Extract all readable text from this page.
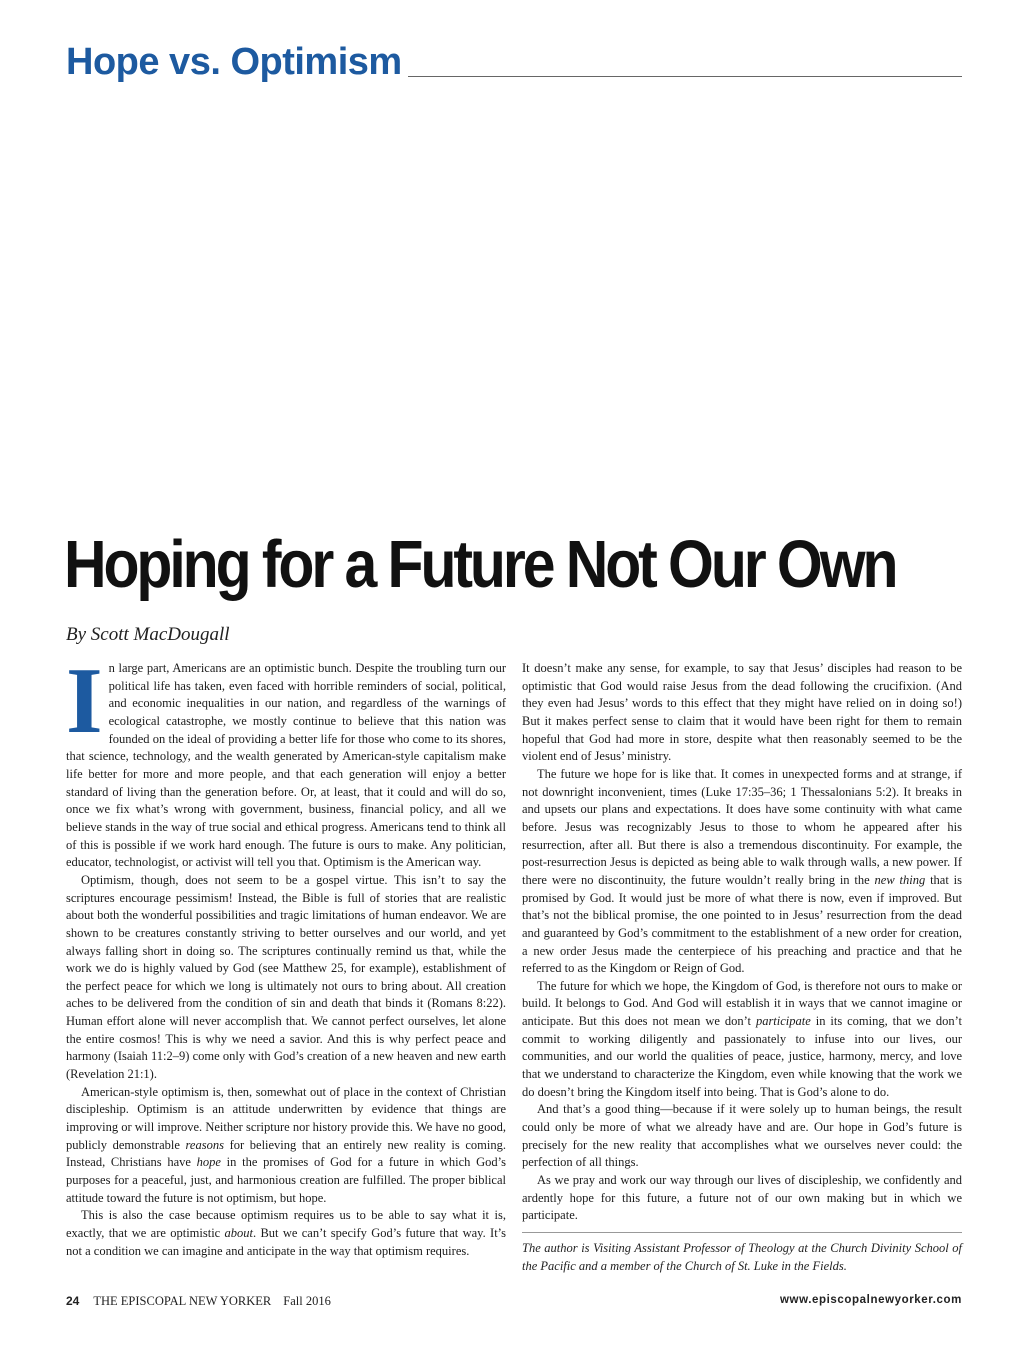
Hope vs. Optimism
Hoping for a Future Not Our Own
By Scott MacDougall

In large part, Americans are an optimistic bunch. Despite the troubling turn our political life has taken, even faced with horrible reminders of social, political, and economic inequalities in our nation, and regardless of the warnings of ecological catastrophe, we mostly continue to believe that this nation was founded on the ideal of providing a better life for those who come to its shores, that science, technology, and the wealth generated by American-style capitalism make life better for more and more people, and that each generation will enjoy a better standard of living than the generation before. Or, at least, that it could and will do so, once we fix what’s wrong with government, business, financial policy, and all we believe stands in the way of true social and ethical progress. Americans tend to think all of this is possible if we work hard enough. The future is ours to make. Any politician, educator, technologist, or activist will tell you that. Optimism is the American way.

Optimism, though, does not seem to be a gospel virtue. This isn’t to say the scriptures encourage pessimism! Instead, the Bible is full of stories that are realistic about both the wonderful possibilities and tragic limitations of human endeavor. We are shown to be creatures constantly striving to better ourselves and our world, and yet always falling short in doing so. The scriptures continually remind us that, while the work we do is highly valued by God (see Matthew 25, for example), establishment of the perfect peace for which we long is ultimately not ours to bring about. All creation aches to be delivered from the condition of sin and death that binds it (Romans 8:22). Human effort alone will never accomplish that. We cannot perfect ourselves, let alone the entire cosmos! This is why we need a savior. And this is why perfect peace and harmony (Isaiah 11:2–9) come only with God’s creation of a new heaven and new earth (Revelation 21:1).

American-style optimism is, then, somewhat out of place in the context of Christian discipleship. Optimism is an attitude underwritten by evidence that things are improving or will improve. Neither scripture nor history provide this. We have no good, publicly demonstrable reasons for believing that an entirely new reality is coming. Instead, Christians have hope in the promises of God for a future in which God’s purposes for a peaceful, just, and harmonious creation are fulfilled. The proper biblical attitude toward the future is not optimism, but hope.

This is also the case because optimism requires us to be able to say what it is, exactly, that we are optimistic about. But we can’t specify God’s future that way. It’s not a condition we can imagine and anticipate in the way that optimism requires.

It doesn’t make any sense, for example, to say that Jesus’ disciples had reason to be optimistic that God would raise Jesus from the dead following the crucifixion. (And they even had Jesus’ words to this effect that they might have relied on in doing so!) But it makes perfect sense to claim that it would have been right for them to remain hopeful that God had more in store, despite what then reasonably seemed to be the violent end of Jesus’ ministry.

The future we hope for is like that. It comes in unexpected forms and at strange, if not downright inconvenient, times (Luke 17:35–36; 1 Thessalonians 5:2). It breaks in and upsets our plans and expectations. It does have some continuity with what came before. Jesus was recognizably Jesus to those to whom he appeared after his resurrection, after all. But there is also a tremendous discontinuity. For example, the post-resurrection Jesus is depicted as being able to walk through walls, a new power. If there were no discontinuity, the future wouldn’t really bring in the new thing that is promised by God. It would just be more of what there is now, even if improved. But that’s not the biblical promise, the one pointed to in Jesus’ resurrection from the dead and guaranteed by God’s commitment to the establishment of a new order for creation, a new order Jesus made the centerpiece of his preaching and practice and that he referred to as the Kingdom or Reign of God.

The future for which we hope, the Kingdom of God, is therefore not ours to make or build. It belongs to God. And God will establish it in ways that we cannot imagine or anticipate. But this does not mean we don’t participate in its coming, that we don’t commit to working diligently and passionately to infuse into our lives, our communities, and our world the qualities of peace, justice, harmony, mercy, and love that we understand to characterize the Kingdom, even while knowing that the work we do doesn’t bring the Kingdom itself into being. That is God’s alone to do.

And that’s a good thing—because if it were solely up to human beings, the result could only be more of what we already have and are. Our hope in God’s future is precisely for the new reality that accomplishes what we ourselves never could: the perfection of all things.

As we pray and work our way through our lives of discipleship, we confidently and ardently hope for this future, a future not of our own making but in which we participate.

The author is Visiting Assistant Professor of Theology at the Church Divinity School of the Pacific and a member of the Church of St. Luke in the Fields.
24 THE EPISCOPAL NEW YORKER Fall 2016	www.episcopalnewyorker.com
